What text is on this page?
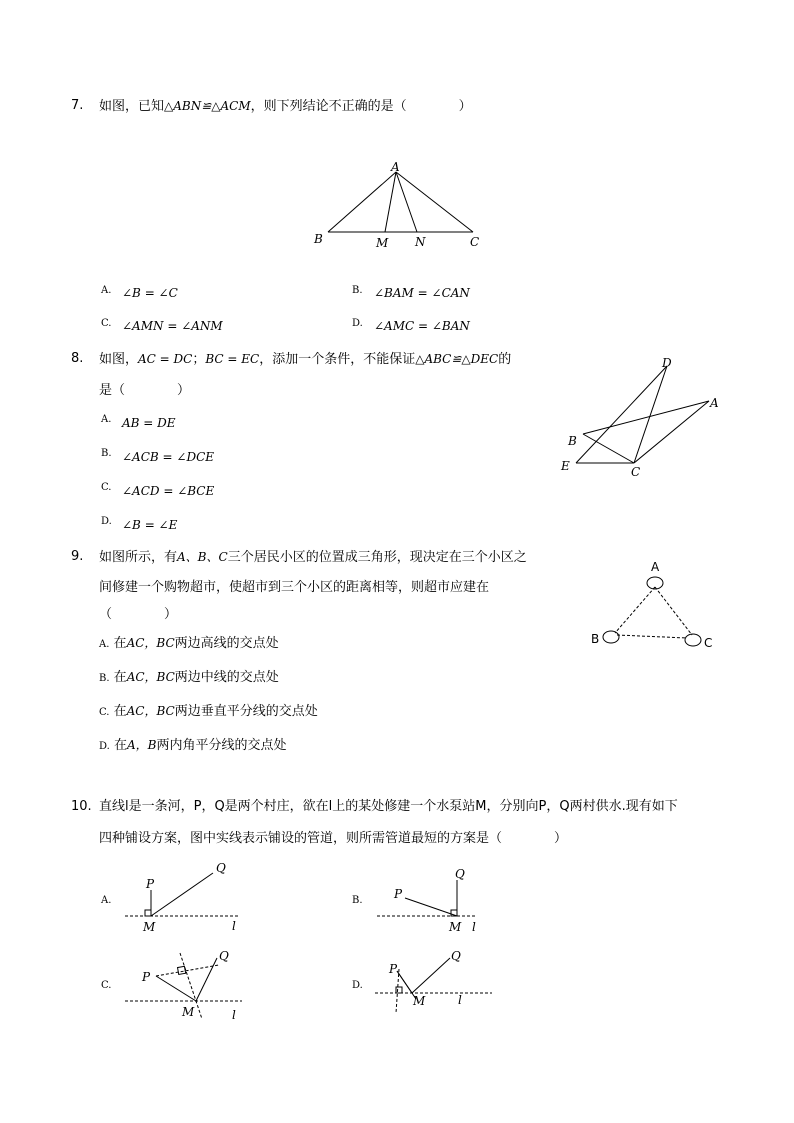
7. 如图，已知△ABN≌△ACM，则下列结论不正确的是（　　　　）
A
B	M N	C
A. ∠B = ∠C	B. ∠BAM = ∠CAN
C. ∠AMN = ∠ANM	D. ∠AMC = ∠BAN
8. 如图，AC = DC；BC = EC，添加一个条件，不能保证△ABC≌△DEC的
是（　　　　）
A. AB = DE
B. ∠ACB = ∠DCE
C. ∠ACD = ∠BCE
D. ∠B = ∠E
D
A
B
E	C
9. 如图所示，有A、B、C三个居民小区的位置成三角形，现决定在三个小区之
间修建一个购物超市，使超市到三个小区的距离相等，则超市应建在
（　　　　）
A. 在AC，BC两边高线的交点处
B. 在AC，BC两边中线的交点处
C. 在AC，BC两边垂直平分线的交点处
D. 在A，B两内角平分线的交点处
A
B	C
10. 直线l是一条河，P，Q是两个村庄，欲在l上的某处修建一个水泵站M，分别向P，Q两村供水.现有如下
四种铺设方案，图中实线表示铺设的管道，则所需管道最短的方案是（　　　　）
A.
P
Q
M	l
B.	P
Q
M l
C.
P
Q
M	l
D.
P
Q
M	l
